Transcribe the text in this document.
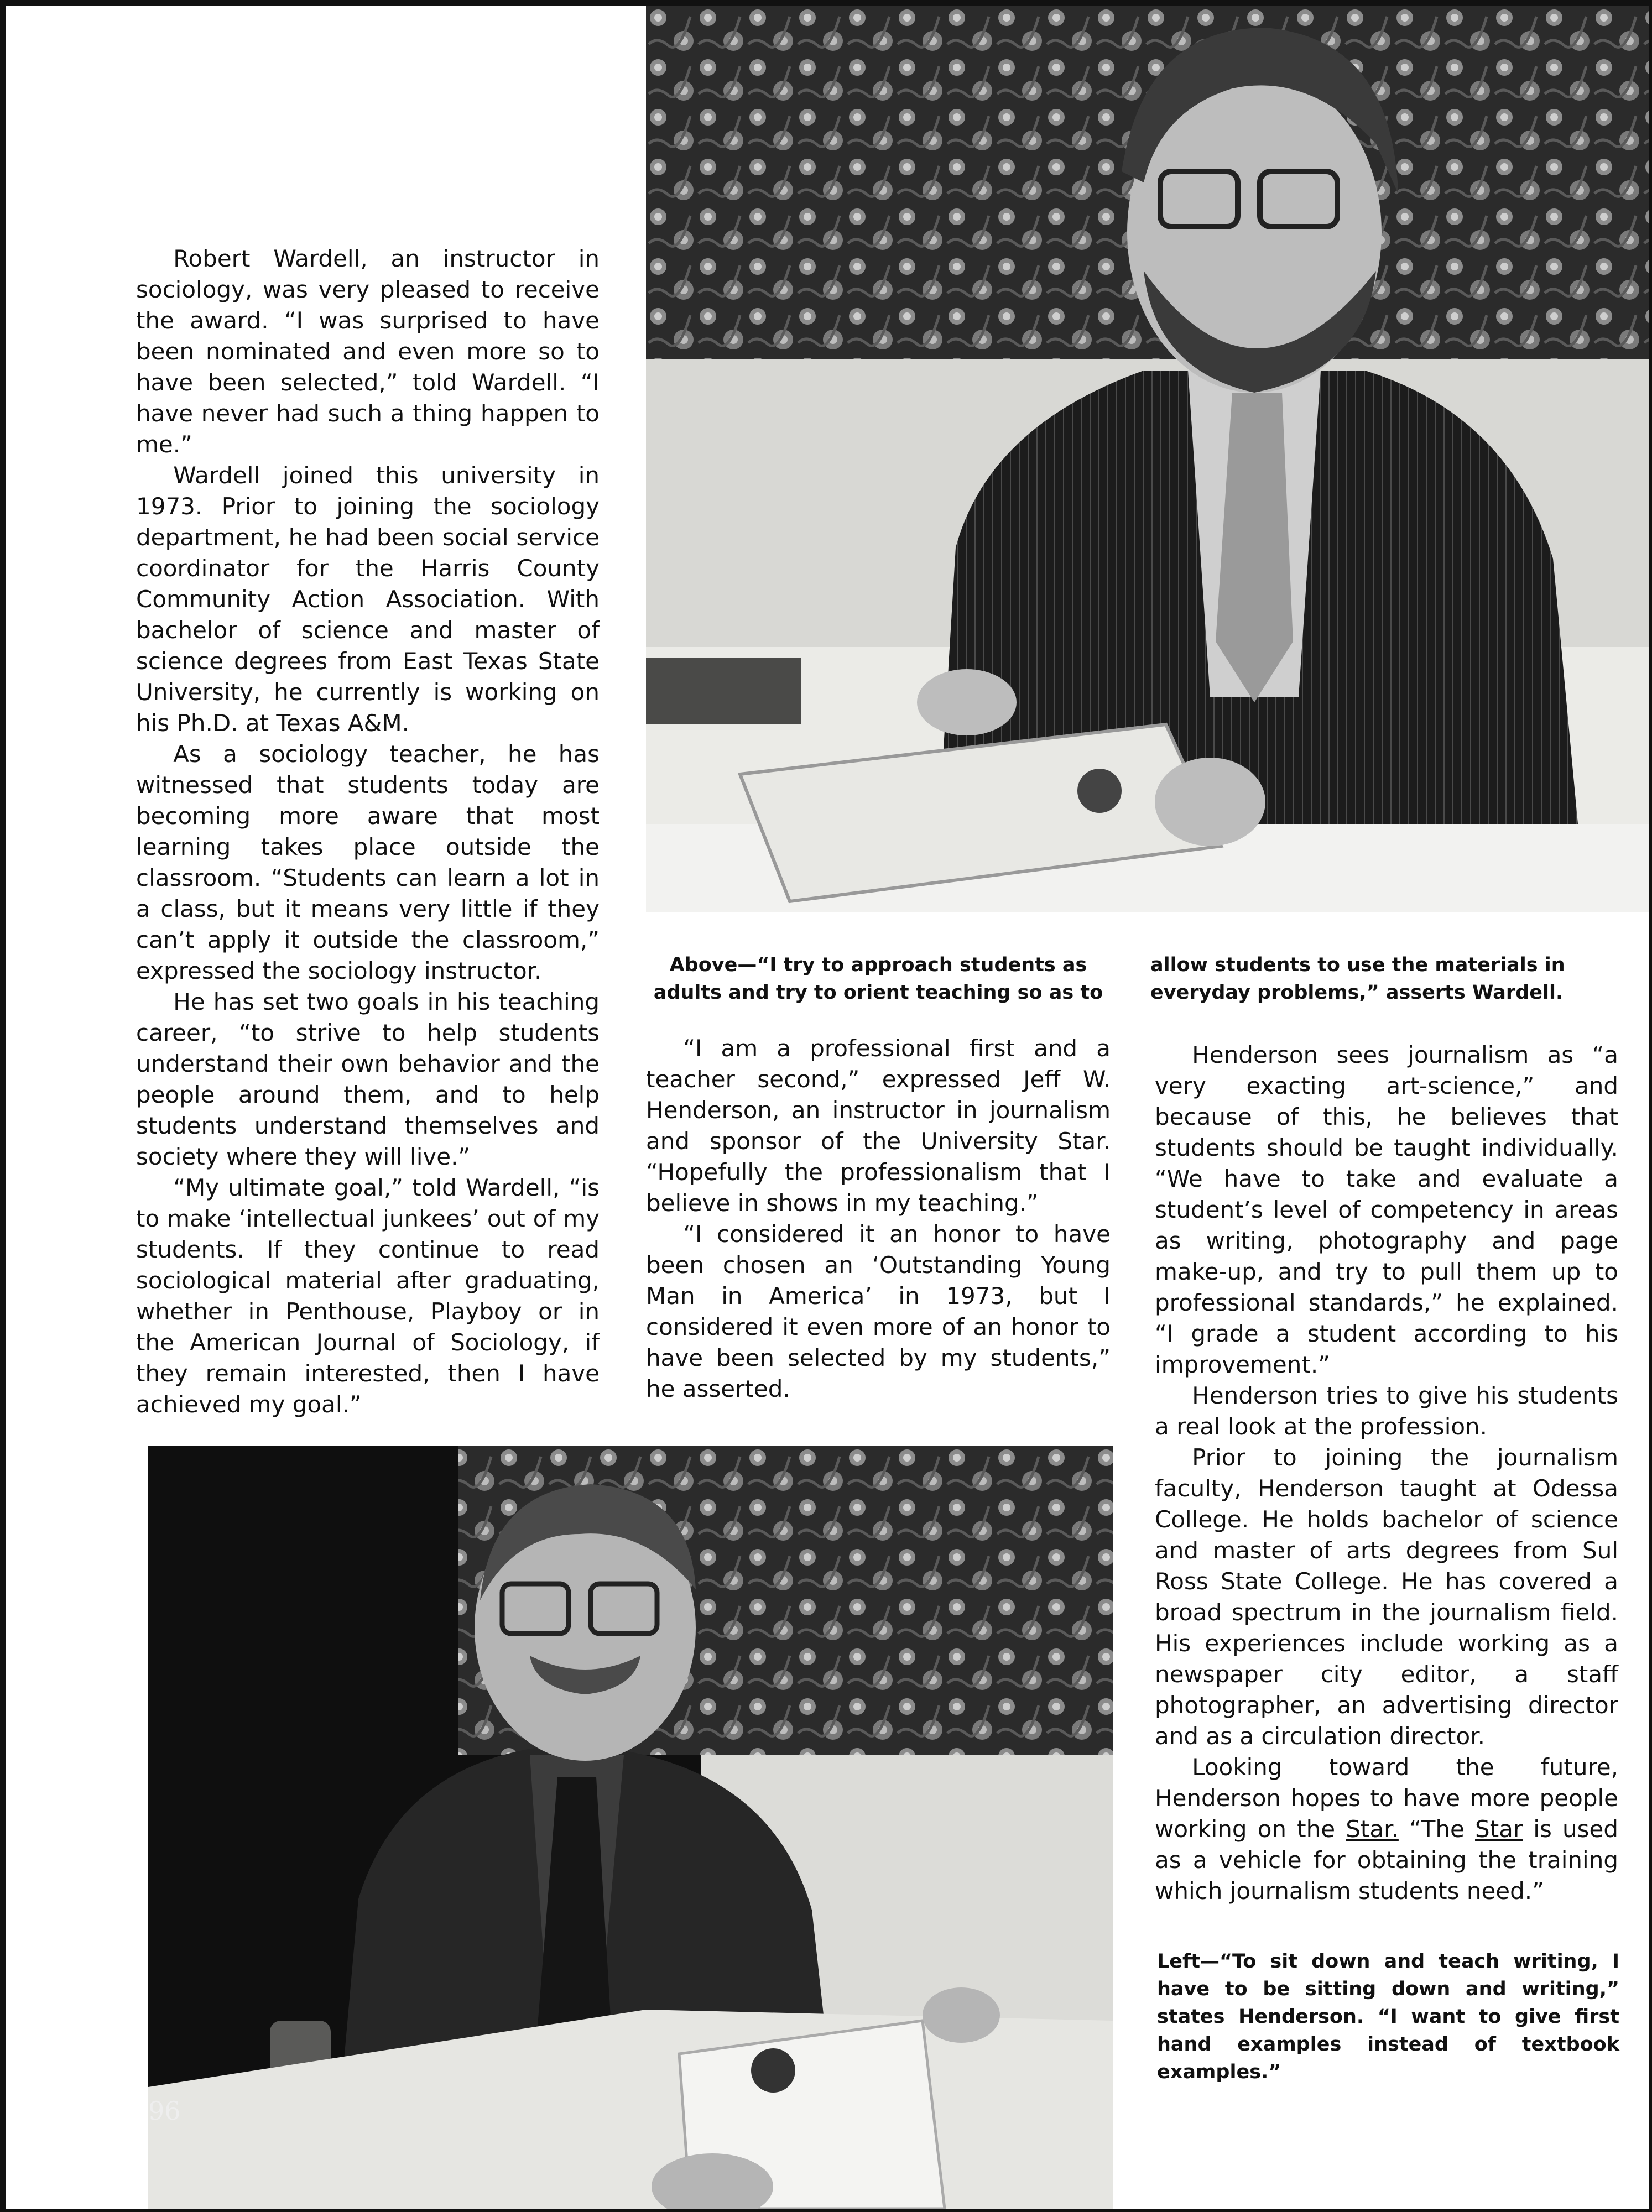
Robert Wardell, an instructor in sociology, was very pleased to receive the award. “I was surprised to have been nominated and even more so to have been selected,” told Wardell. “I have never had such a thing happen to me.”

Wardell joined this university in 1973. Prior to joining the sociology department, he had been social service coordinator for the Harris County Community Action Association. With bachelor of science and master of science degrees from East Texas State University, he currently is working on his Ph.D. at Texas A&M.

As a sociology teacher, he has witnessed that students today are becoming more aware that most learning takes place outside the classroom. “Students can learn a lot in a class, but it means very little if they can’t apply it outside the classroom,” expressed the sociology instructor.

He has set two goals in his teaching career, “to strive to help students understand their own behavior and the people around them, and to help students understand themselves and society where they will live.”

“My ultimate goal,” told Wardell, “is to make ‘intellectual junkees’ out of my students. If they continue to read sociological material after graduating, whether in Penthouse, Playboy or in the American Journal of Sociology, if they remain interested, then I have achieved my goal.”

Above—“I try to approach students as adults and try to orient teaching so as to
allow students to use the materials in everyday problems,” asserts Wardell.

“I am a professional first and a teacher second,” expressed Jeff W. Henderson, an instructor in journalism and sponsor of the University Star. “Hopefully the professionalism that I believe in shows in my teaching.”

“I considered it an honor to have been chosen an ‘Outstanding Young Man in America’ in 1973, but I considered it even more of an honor to have been selected by my students,” he asserted.

Henderson sees journalism as “a very exacting art-science,” and because of this, he believes that students should be taught individually. “We have to take and evaluate a student’s level of competency in areas as writing, photography and page make-up, and try to pull them up to professional standards,” he explained. “I grade a student according to his improvement.”

Henderson tries to give his students a real look at the profession.

Prior to joining the journalism faculty, Henderson taught at Odessa College. He holds bachelor of science and master of arts degrees from Sul Ross State College. He has covered a broad spectrum in the journalism field. His experiences include working as a newspaper city editor, a staff photographer, an advertising director and as a circulation director.

Looking toward the future, Henderson hopes to have more people working on the Star. “The Star is used as a vehicle for obtaining the training which journalism students need.”

96
Left—“To sit down and teach writing, I have to be sitting down and writing,” states Henderson. “I want to give first hand examples instead of textbook examples.”
